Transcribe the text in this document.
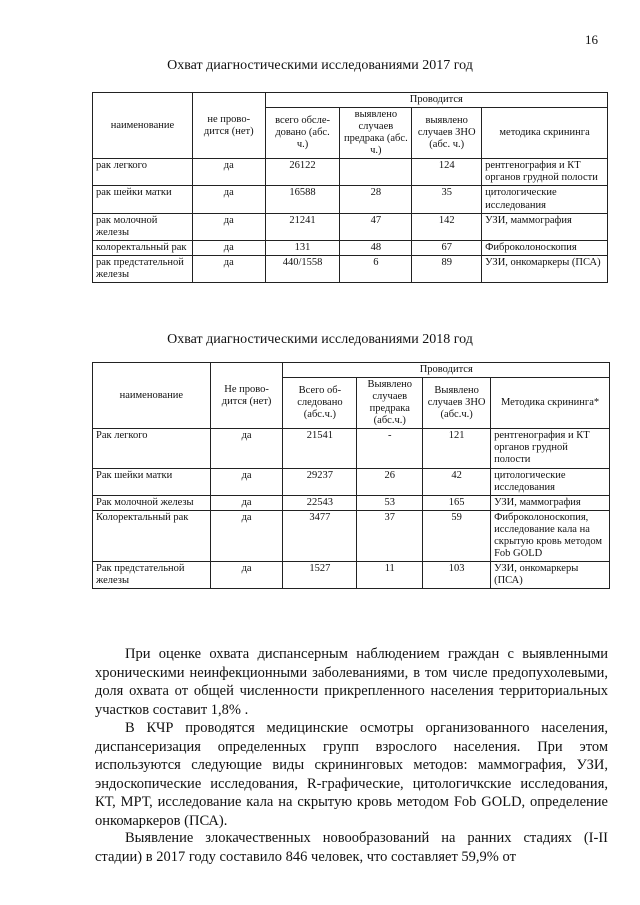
16
Охват диагностическими исследованиями 2017 год
наименование	не прово-дится (нет)	Проводится			
		всего обсле-довано (абс. ч.)	выявлено случаев предрака (абс. ч.)	выявлено случаев ЗНО (абс. ч.)	методика скрининга
рак легкого	да	26122		124	рентгенография и КТ органов грудной полости
рак шейки матки	да	16588	28	35	цитологические исследования
рак молочной железы	да	21241	47	142	УЗИ, маммография
колоректальный рак	да	131	48	67	Фиброколоноскопия
рак предстательной железы	да	440/1558	6	89	УЗИ, онкомаркеры (ПСА)
Охват диагностическими исследованиями 2018 год
наименование	Не прово-дится (нет)	Проводится			
		Всего об-следовано (абс.ч.)	Выявлено случаев предрака (абс.ч.)	Выявлено случаев ЗНО (абс.ч.)	Методика скрининга*
Рак легкого	да	21541	-	121	рентгенография и КТ органов грудной полости
Рак шейки матки	да	29237	26	42	цитологические исследования
Рак молочной железы	да	22543	53	165	УЗИ, маммография
Колоректальный рак	да	3477	37	59	Фиброколоноскопия, исследование кала на скрытую кровь методом Fob GOLD
Рак предстательной железы	да	1527	11	103	УЗИ, онкомаркеры (ПСА)

При оценке охвата диспансерным наблюдением граждан с выявленными хроническими неинфекционными заболеваниями, в том числе предопухолевыми, доля охвата от общей численности прикрепленного населения территориальных участков составит 1,8% .

В КЧР проводятся медицинские осмотры организованного населения, диспансеризация определенных групп взрослого населения. При этом используются следующие виды скрининговых методов: маммография, УЗИ, эндоскопические исследования, R-графические, цитологичкские исследования, КТ, МРТ, исследование кала на скрытую кровь методом Fob GOLD, определение онкомаркеров (ПСА).

Выявление злокачественных новообразований на ранних стадиях (I-II стадии) в 2017 году составило 846 человек, что составляет 59,9% от
